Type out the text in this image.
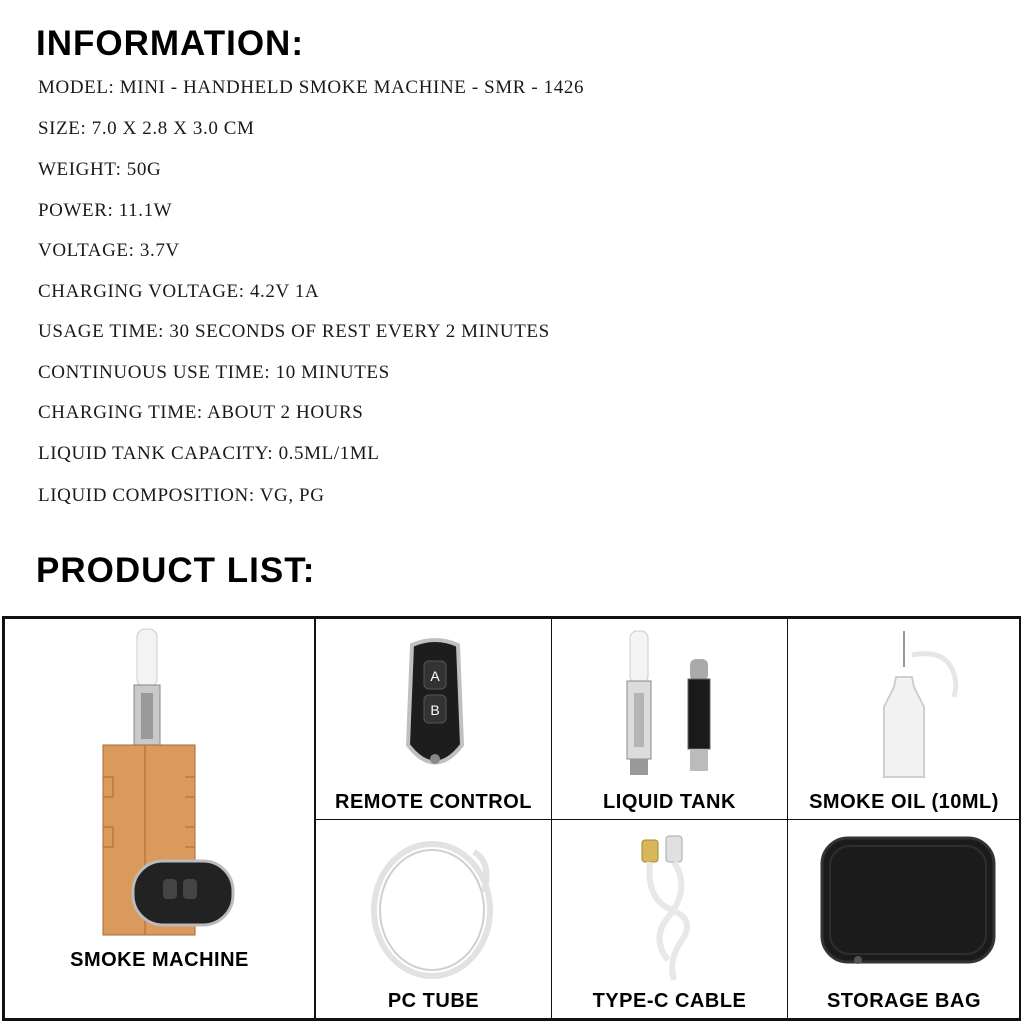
INFORMATION:
MODEL: MINI - HANDHELD SMOKE MACHINE - SMR - 1426
SIZE: 7.0 X 2.8 X 3.0 CM
WEIGHT: 50G
POWER: 11.1W
VOLTAGE: 3.7V
CHARGING VOLTAGE: 4.2V 1A
USAGE TIME: 30 SECONDS OF REST EVERY 2 MINUTES
CONTINUOUS USE TIME: 10 MINUTES
CHARGING TIME: ABOUT 2 HOURS
LIQUID TANK CAPACITY: 0.5ML/1ML
LIQUID COMPOSITION: VG, PG
PRODUCT LIST:
SMOKE MACHINE
A
B
REMOTE CONTROL	LIQUID TANK	SMOKE OIL (10ML)
PC TUBE	TYPE-C CABLE	STORAGE BAG
